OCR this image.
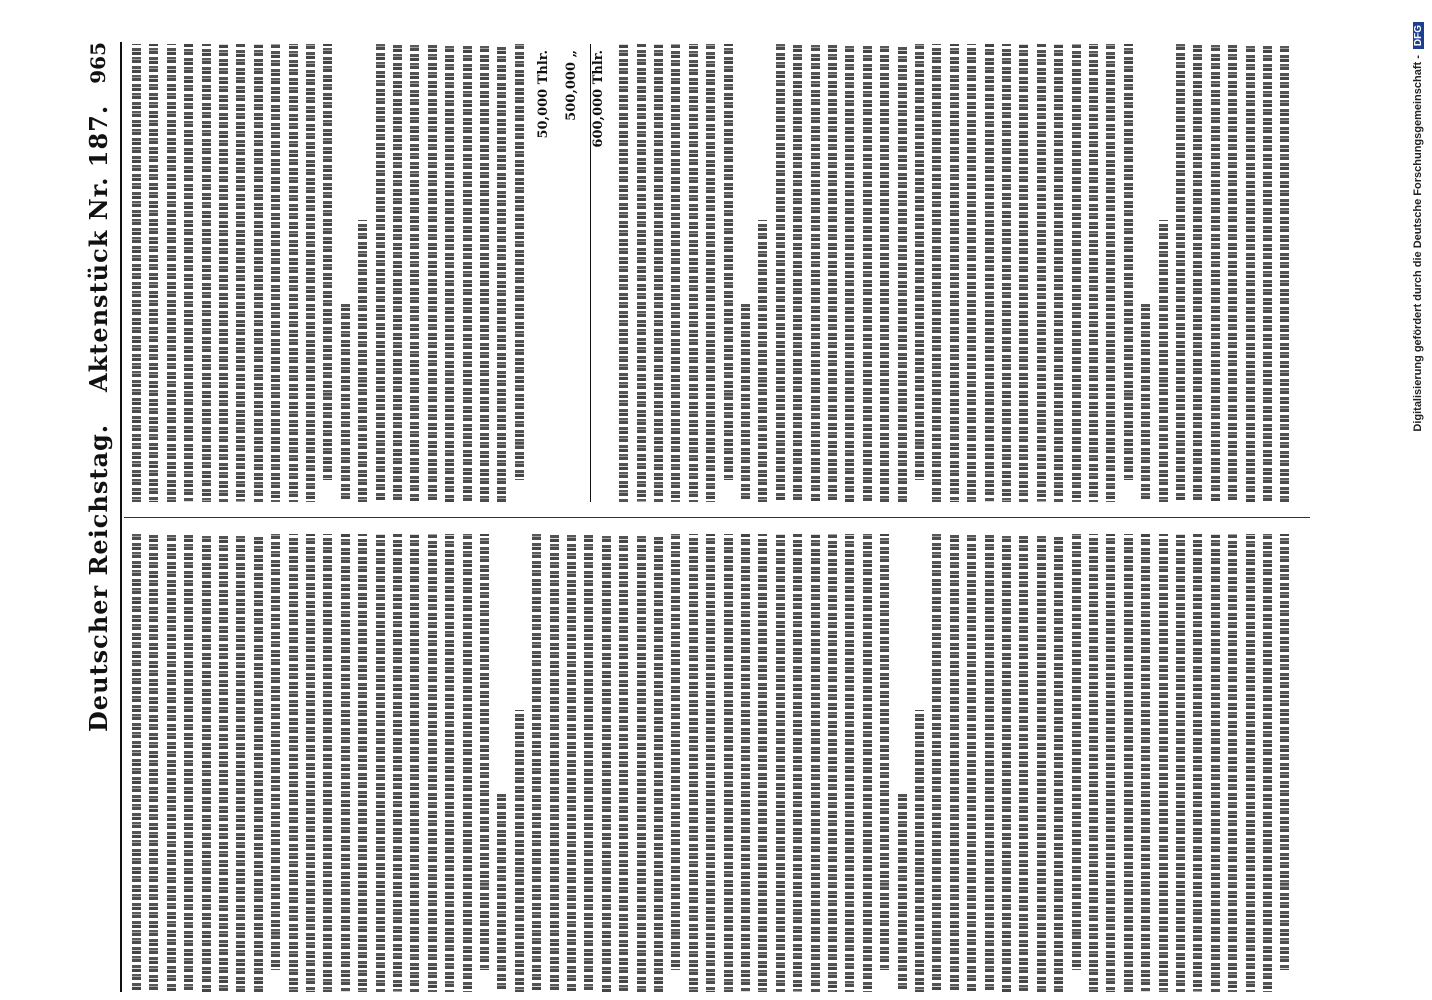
Deutscher Reichstag.
Aktenstück Nr. 187.
965	50,000 Thlr. 500,000 „ 600,000 Thlr.	Digitalisierung gefördert durch die Deutsche Forschungsgemeinschaft -DFG
